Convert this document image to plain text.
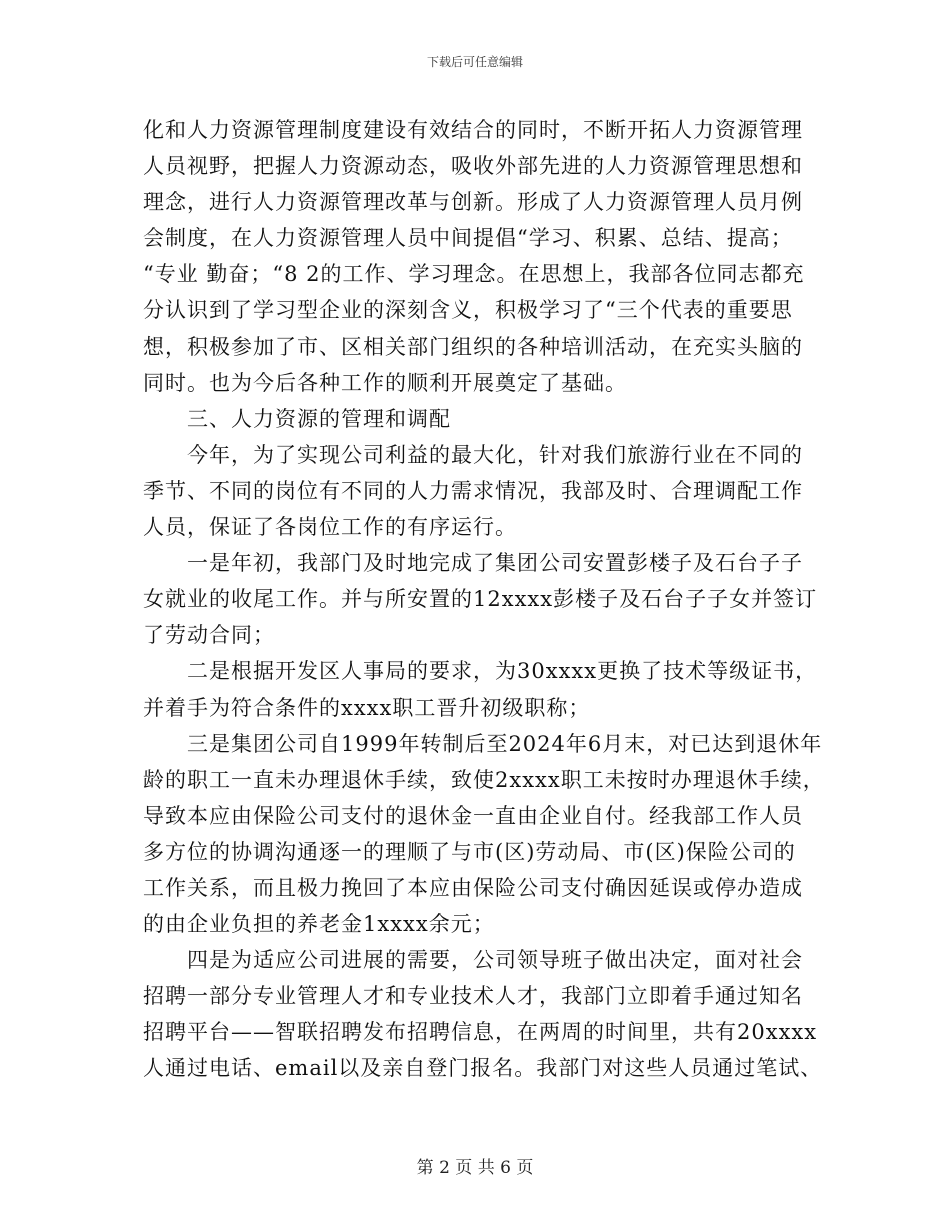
下载后可任意编辑
化和人力资源管理制度建设有效结合的同时，不断开拓人力资源管理
人员视野，把握人力资源动态，吸收外部先进的人力资源管理思想和
理念，进行人力资源管理改革与创新。形成了人力资源管理人员月例
会制度，在人力资源管理人员中间提倡“学习、积累、总结、提高；
“专业 勤奋；“8 2的工作、学习理念。在思想上，我部各位同志都充
分认识到了学习型企业的深刻含义，积极学习了“三个代表的重要思
想，积极参加了市、区相关部门组织的各种培训活动，在充实头脑的
同时。也为今后各种工作的顺利开展奠定了基础。
　　三、人力资源的管理和调配
　　今年，为了实现公司利益的最大化，针对我们旅游行业在不同的
季节、不同的岗位有不同的人力需求情况，我部及时、合理调配工作
人员，保证了各岗位工作的有序运行。
　　一是年初，我部门及时地完成了集团公司安置彭楼子及石台子子
女就业的收尾工作。并与所安置的12xxxx彭楼子及石台子子女并签订
了劳动合同；
　　二是根据开发区人事局的要求，为30xxxx更换了技术等级证书，
并着手为符合条件的xxxx职工晋升初级职称；
　　三是集团公司自1999年转制后至2024年6月末，对已达到退休年
龄的职工一直未办理退休手续，致使2xxxx职工未按时办理退休手续，
导致本应由保险公司支付的退休金一直由企业自付。经我部工作人员
多方位的协调沟通逐一的理顺了与市(区)劳动局、市(区)保险公司的
工作关系，而且极力挽回了本应由保险公司支付确因延误或停办造成
的由企业负担的养老金1xxxx余元；
　　四是为适应公司进展的需要，公司领导班子做出决定，面对社会
招聘一部分专业管理人才和专业技术人才，我部门立即着手通过知名
招聘平台——智联招聘发布招聘信息，在两周的时间里，共有20xxxx
人通过电话、email以及亲自登门报名。我部门对这些人员通过笔试、
第 2 页 共 6 页
